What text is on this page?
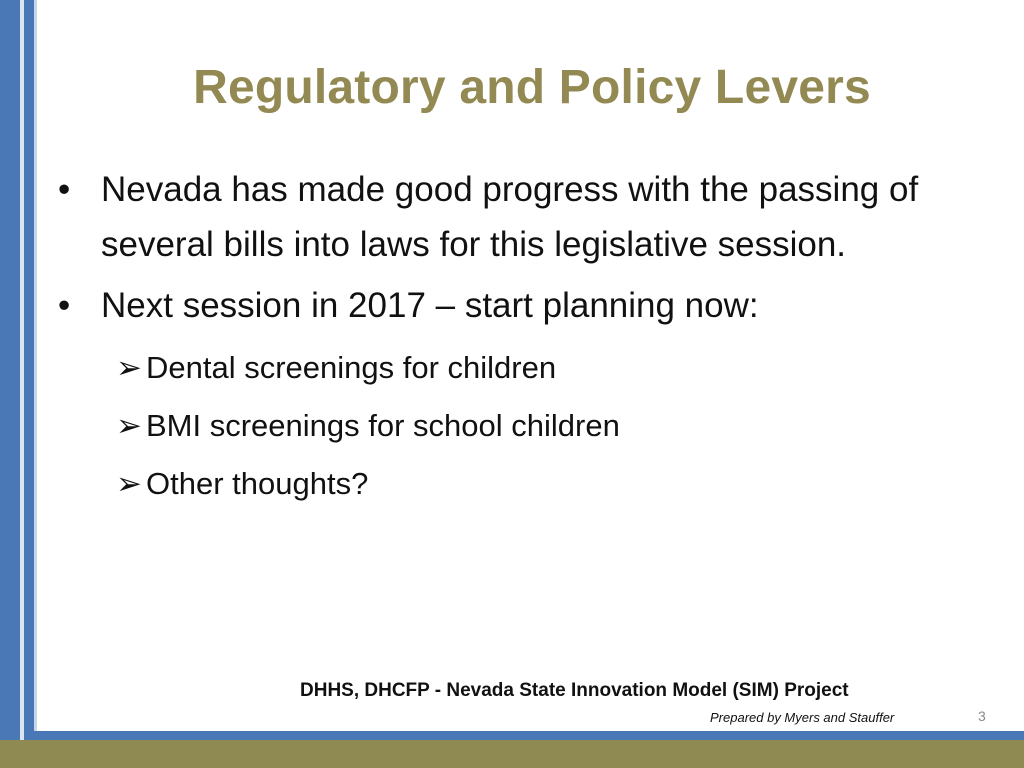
Regulatory and Policy Levers
• Nevada has made good progress with the passing of several bills into laws for this legislative session.
• Next session in 2017 – start planning now:
➢ Dental screenings for children
➢ BMI screenings for school children
➢ Other thoughts?
DHHS, DHCFP - Nevada State Innovation Model (SIM) Project
Prepared by Myers and Stauffer	3
